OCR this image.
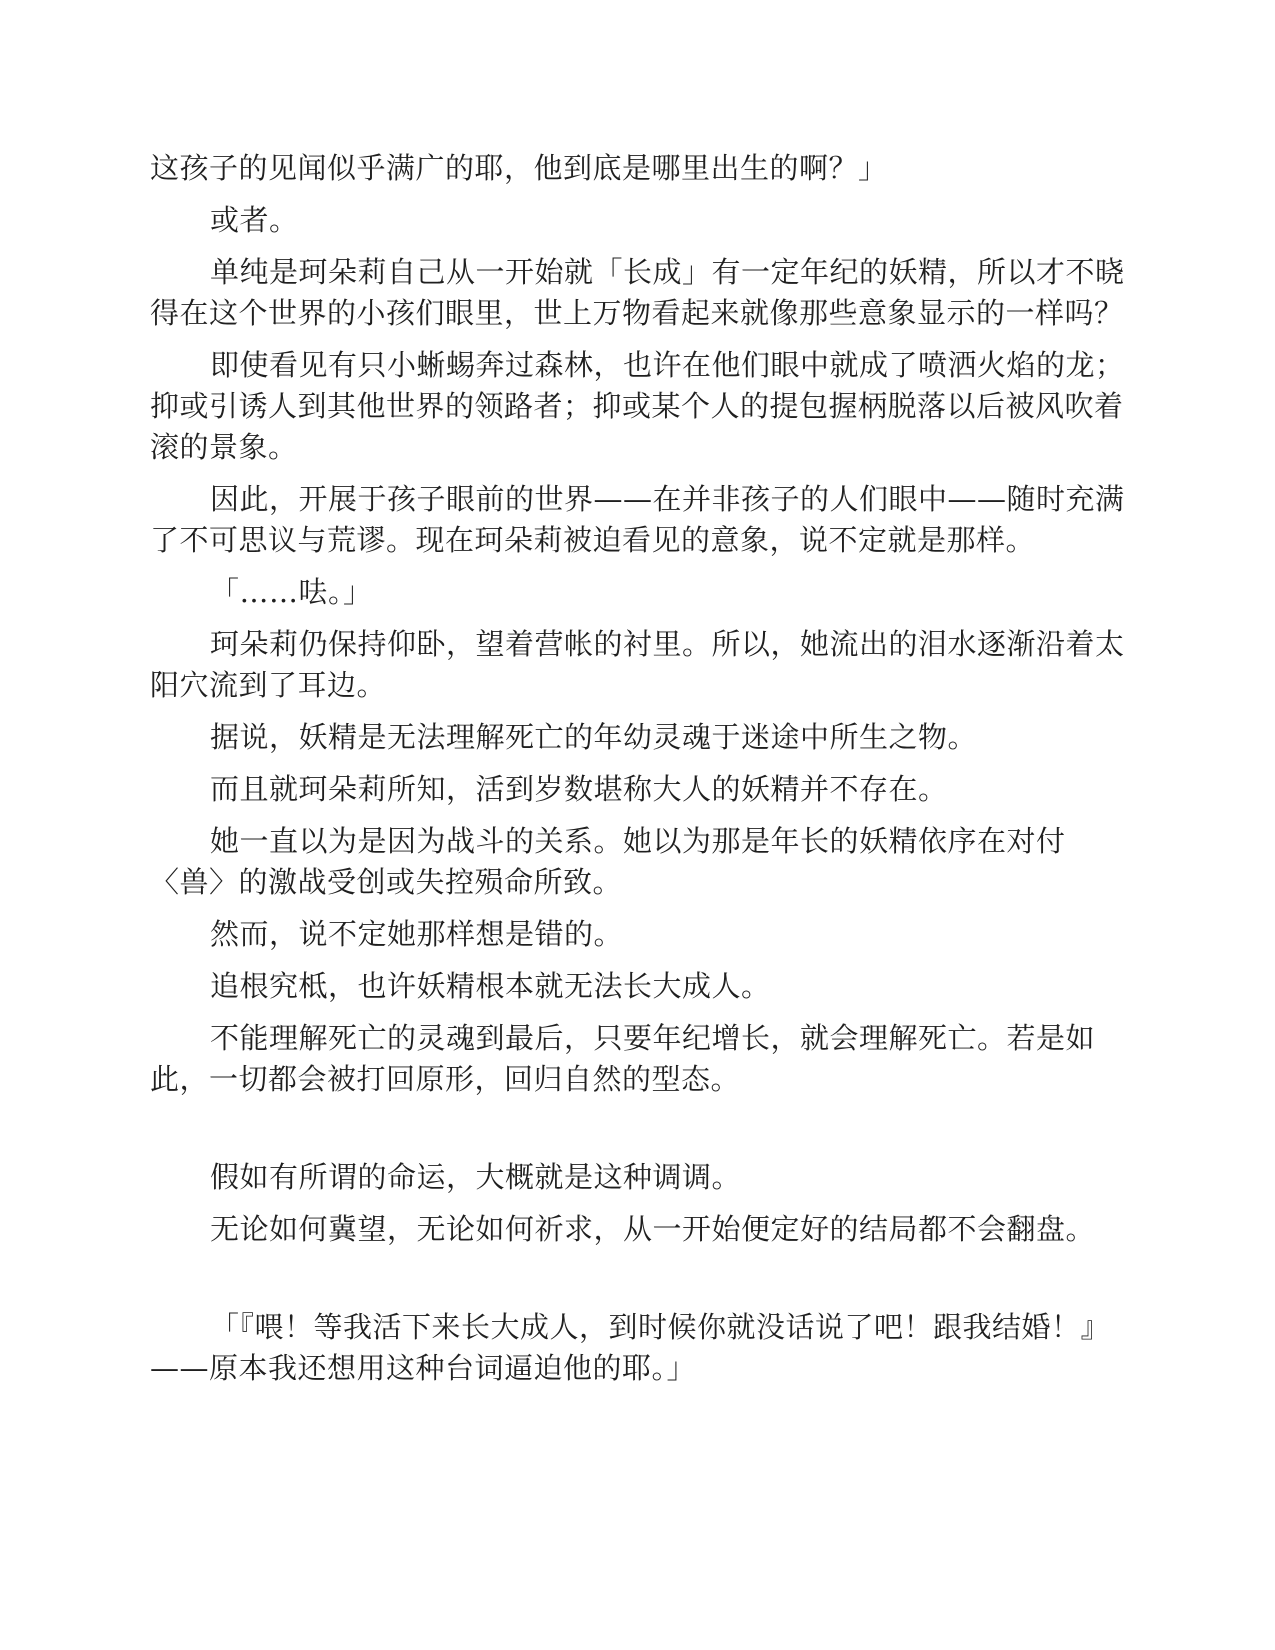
这孩子的见闻似乎满广的耶，他到底是哪里出生的啊？」

或者。

单纯是珂朵莉自己从一开始就「长成」有一定年纪的妖精，所以才不晓得在这个世界的小孩们眼里，世上万物看起来就像那些意象显示的一样吗？

即使看见有只小蜥蜴奔过森林，也许在他们眼中就成了喷洒火焰的龙；抑或引诱人到其他世界的领路者；抑或某个人的提包握柄脱落以后被风吹着滚的景象。

因此，开展于孩子眼前的世界——在并非孩子的人们眼中——随时充满了不可思议与荒谬。现在珂朵莉被迫看见的意象，说不定就是那样。

「……呿。」

珂朵莉仍保持仰卧，望着营帐的衬里。所以，她流出的泪水逐渐沿着太阳穴流到了耳边。

据说，妖精是无法理解死亡的年幼灵魂于迷途中所生之物。

而且就珂朵莉所知，活到岁数堪称大人的妖精并不存在。

她一直以为是因为战斗的关系。她以为那是年长的妖精依序在对付〈兽〉的激战受创或失控殒命所致。

然而，说不定她那样想是错的。

追根究柢，也许妖精根本就无法长大成人。

不能理解死亡的灵魂到最后，只要年纪增长，就会理解死亡。若是如此，一切都会被打回原形，回归自然的型态。

假如有所谓的命运，大概就是这种调调。

无论如何冀望，无论如何祈求，从一开始便定好的结局都不会翻盘。

「『喂！等我活下来长大成人，到时候你就没话说了吧！跟我结婚！』——原本我还想用这种台词逼迫他的耶。」
